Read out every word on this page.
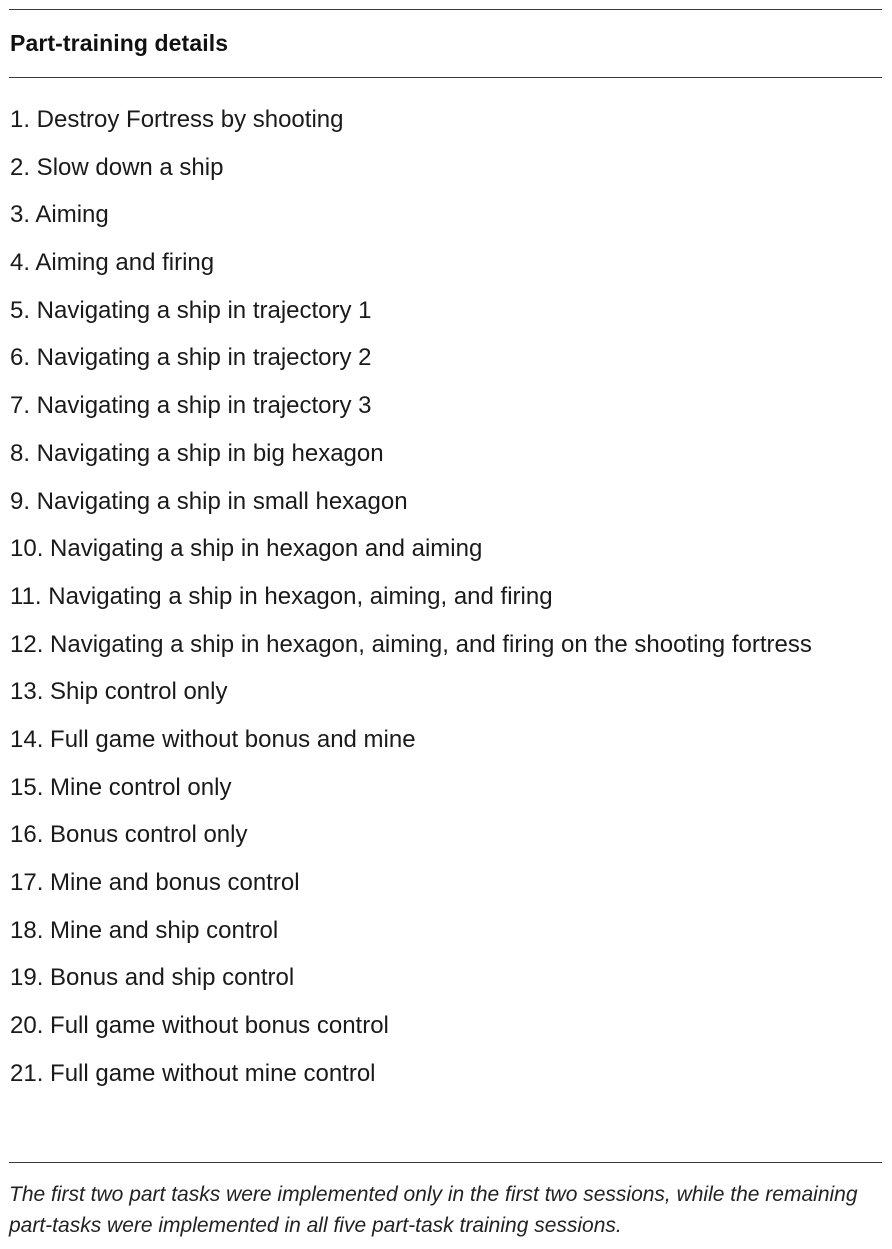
Part-training details
1. Destroy Fortress by shooting
2. Slow down a ship
3. Aiming
4. Aiming and firing
5. Navigating a ship in trajectory 1
6. Navigating a ship in trajectory 2
7. Navigating a ship in trajectory 3
8. Navigating a ship in big hexagon
9. Navigating a ship in small hexagon
10. Navigating a ship in hexagon and aiming
11. Navigating a ship in hexagon, aiming, and firing
12. Navigating a ship in hexagon, aiming, and firing on the shooting fortress
13. Ship control only
14. Full game without bonus and mine
15. Mine control only
16. Bonus control only
17. Mine and bonus control
18. Mine and ship control
19. Bonus and ship control
20. Full game without bonus control
21. Full game without mine control
The first two part tasks were implemented only in the first two sessions, while the remaining part-tasks were implemented in all five part-task training sessions.
